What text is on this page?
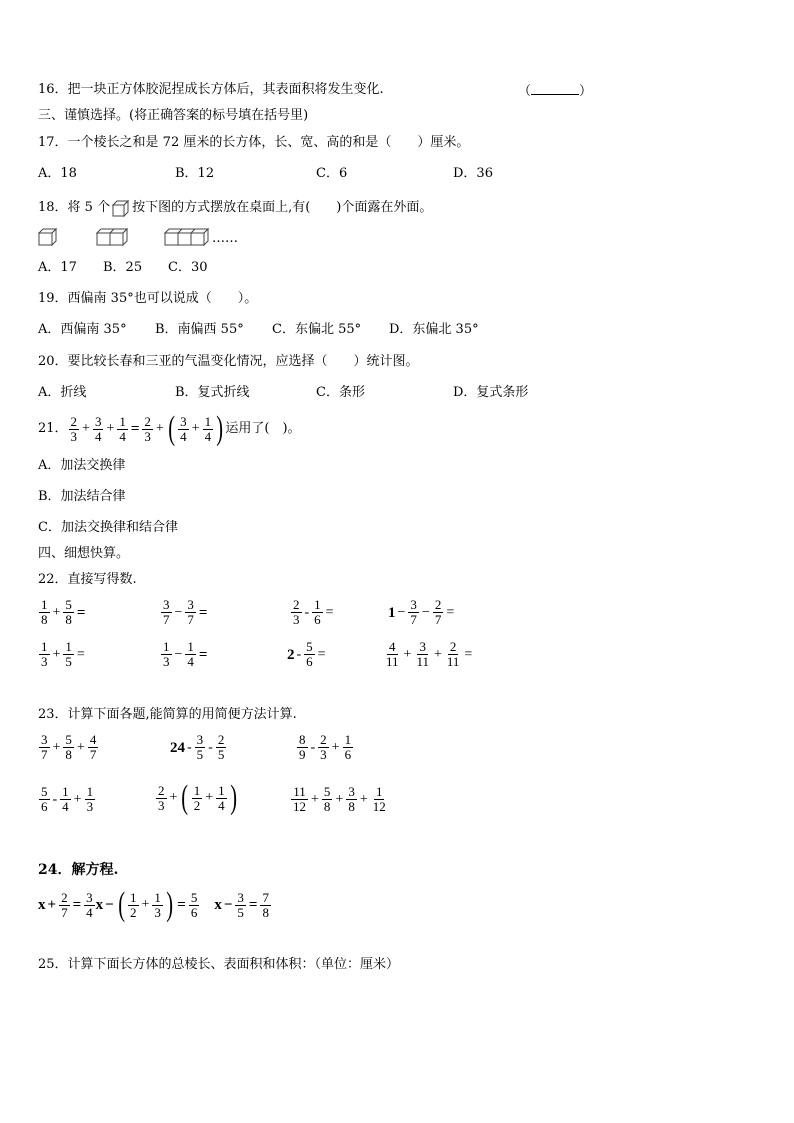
16．把一块正方体胶泥捏成长方体后，其表面积将发生变化.	（	）
三、谨慎选择。(将正确答案的标号填在括号里)
17．一个棱长之和是 72 厘米的长方体，长、宽、高的和是（　　）厘米。
A．18	B．12	C．6	D．36
18．将 5 个 按下图的方式摆放在桌面上,有(　　)个面露在外面。
……
A．17 B．25 C．30
19．西偏南 35°也可以说成（　　）。
A．西偏南 35° B．南偏西 55° C．东偏北 55° D．东偏北 35°
20．要比较长春和三亚的气温变化情况，应选择（　　）统计图。
A．折线	B．复式折线	C．条形	D．复式条形
21． $\frac{2}{3} + \frac{3}{4} + \frac{1}{4} = \frac{2}{3}$ + ( $\frac{3}{4} + \frac{1}{4}$ ) 运用了(　)。
A．加法交换律
B．加法结合律
C．加法交换律和结合律
四、细想快算。
22．直接写得数.
$\frac{1}{8} + \frac{5}{8}$ =	$\frac{3}{7} - \frac{3}{7}$ =	$\frac{2}{3} - \frac{1}{6}$ =	$1 - \frac{3}{7} - \frac{2}{7}$ =
$\frac{1}{3} + \frac{1}{5}$ =	$\frac{1}{3} - \frac{1}{4}$ =	$2 - \frac{5}{6}$ =	$\frac{4}{11} + \frac{3}{11} + \frac{2}{11}$ =
23．计算下面各题,能简算的用简便方法计算.
$\frac{3}{7} + \frac{5}{8} + \frac{4}{7}$	$24 - \frac{3}{5} - \frac{2}{5}$	$\frac{8}{9} - \frac{2}{3} + \frac{1}{6}$
$\frac{5}{6} - \frac{1}{4} + \frac{1}{3}$	$\frac{2}{3}$ + ( $\frac{1}{2} + \frac{1}{4}$ )	$\frac{11}{12} + \frac{5}{8} + \frac{3}{8} + \frac{1}{12}$
24．解方程.
$x + \frac{2}{7} = \frac{3}{4}$ x − ( $\frac{1}{2} + \frac{1}{3}$ ) = $\frac{5}{6}$ $x - \frac{3}{5} = \frac{7}{8}$
25．计算下面长方体的总棱长、表面积和体积：（单位：厘米）
